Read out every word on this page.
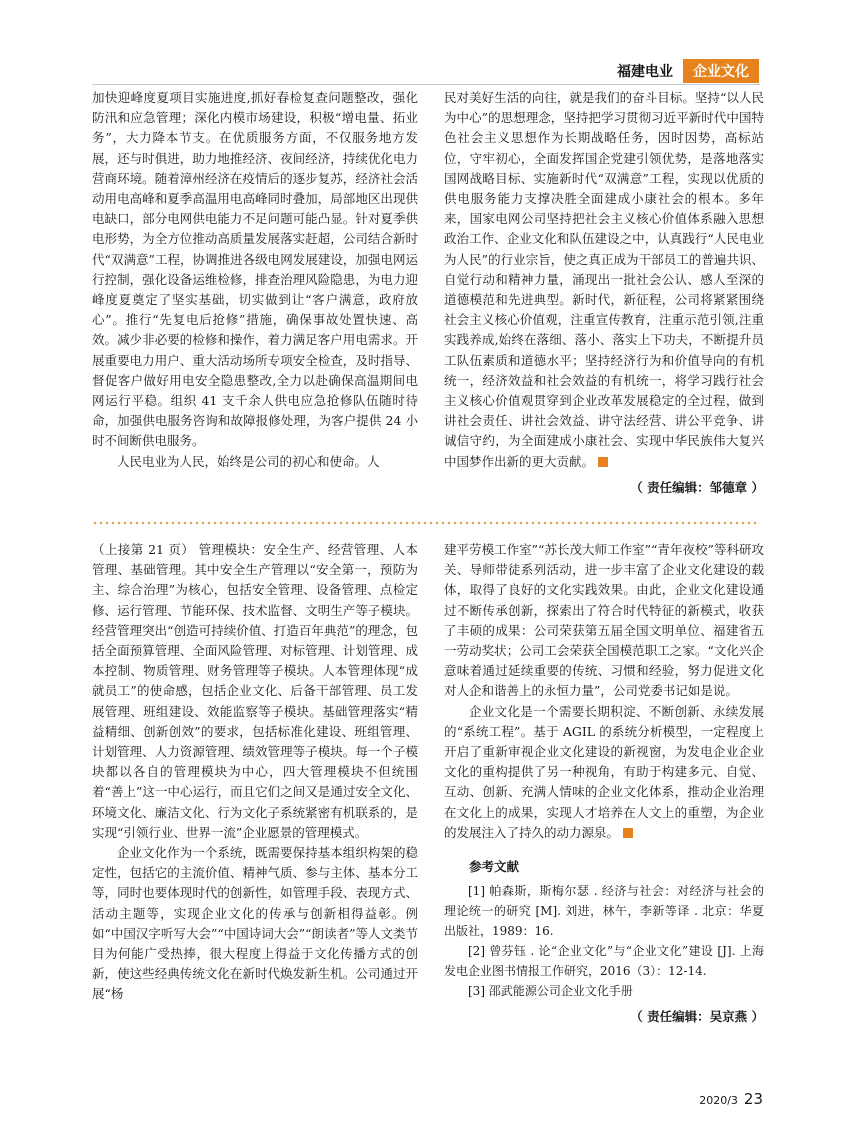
福建电业	企业文化

加快迎峰度夏项目实施进度,抓好春检复查问题整改，强化防汛和应急管理；深化内模市场建设，积极“增电量、拓业务”，大力降本节支。在优质服务方面，不仅服务地方发展，还与时俱进，助力地推经济、夜间经济，持续优化电力营商环境。随着漳州经济在疫情后的逐步复苏，经济社会活动用电高峰和夏季高温用电高峰同时叠加，局部地区出现供电缺口，部分电网供电能力不足问题可能凸显。针对夏季供电形势，为全方位推动高质量发展落实赶超，公司结合新时代“双满意”工程，协调推进各级电网发展建设，加强电网运行控制，强化设备运维检修，排查治理风险隐患，为电力迎峰度夏奠定了坚实基础，切实做到让“客户满意，政府放心”。推行“先复电后抢修”措施，确保事故处置快速、高效。减少非必要的检修和操作，着力满足客户用电需求。开展重要电力用户、重大活动场所专项安全检查，及时指导、督促客户做好用电安全隐患整改,全力以赴确保高温期间电网运行平稳。组织 41 支千余人供电应急抢修队伍随时待命，加强供电服务咨询和故障报修处理，为客户提供 24 小时不间断供电服务。

人民电业为人民，始终是公司的初心和使命。人

民对美好生活的向往，就是我们的奋斗目标。坚持“以人民为中心”的思想理念，坚持把学习贯彻习近平新时代中国特色社会主义思想作为长期战略任务，因时因势，高标站位，守牢初心，全面发挥国企党建引领优势，是落地落实国网战略目标、实施新时代“双满意”工程，实现以优质的供电服务能力支撑决胜全面建成小康社会的根本。多年来，国家电网公司坚持把社会主义核心价值体系融入思想政治工作、企业文化和队伍建设之中，认真践行“人民电业为人民”的行业宗旨，使之真正成为干部员工的普遍共识、自觉行动和精神力量，涌现出一批社会公认、感人至深的道德模范和先进典型。新时代，新征程，公司将紧紧围绕社会主义核心价值观，注重宣传教育，注重示范引领,注重实践养成,始终在落细、落小、落实上下功夫，不断提升员工队伍素质和道德水平；坚持经济行为和价值导向的有机统一，经济效益和社会效益的有机统一，将学习践行社会主义核心价值观贯穿到企业改革发展稳定的全过程，做到讲社会责任、讲社会效益、讲守法经营、讲公平竞争、讲诚信守约，为全面建成小康社会、实现中华民族伟大复兴中国梦作出新的更大贡献。

（ 责任编辑：邹德章 ）

（上接第 21 页） 管理模块：安全生产、经营管理、人本管理、基础管理。其中安全生产管理以“安全第一，预防为主、综合治理”为核心，包括安全管理、设备管理、点检定修、运行管理、节能环保、技术监督、文明生产等子模块。经营管理突出“创造可持续价值、打造百年典范”的理念，包括全面预算管理、全面风险管理、对标管理、计划管理、成本控制、物质管理、财务管理等子模块。人本管理体现“成就员工”的使命感，包括企业文化、后备干部管理、员工发展管理、班组建设、效能监察等子模块。基础管理落实“精益精细、创新创效”的要求，包括标准化建设、班组管理、计划管理、人力资源管理、绩效管理等子模块。每一个子模块都以各自的管理模块为中心，四大管理模块不但统围着“善上”这一中心运行，而且它们之间又是通过安全文化、环境文化、廉洁文化、行为文化子系统紧密有机联系的，是实现“引领行业、世界一流”企业愿景的管理模式。

企业文化作为一个系统，既需要保持基本组织构架的稳定性，包括它的主流价值、精神气质、参与主体、基本分工等，同时也要体现时代的创新性，如管理手段、表现方式、活动主题等，实现企业文化的传承与创新相得益彰。例如“中国汉字听写大会”“中国诗词大会”“朗读者”等人文类节目为何能广受热捧，很大程度上得益于文化传播方式的创新，使这些经典传统文化在新时代焕发新生机。公司通过开展“杨

建平劳模工作室”“苏长茂大师工作室”“青年夜校”等科研攻关、导师带徒系列活动，进一步丰富了企业文化建设的载体，取得了良好的文化实践效果。由此，企业文化建设通过不断传承创新，探索出了符合时代特征的新模式，收获了丰硕的成果：公司荣获第五届全国文明单位、福建省五一劳动奖状；公司工会荣获全国模范职工之家。“文化兴企意味着通过延续重要的传统、习惯和经验，努力促进文化对人企和谐善上的永恒力量”，公司党委书记如是说。

企业文化是一个需要长期积淀、不断创新、永续发展的“系统工程”。基于 AGIL 的系统分析模型，一定程度上开启了重新审视企业文化建设的新视窗，为发电企业企业文化的重构提供了另一种视角，有助于构建多元、自觉、互动、创新、充满人情味的企业文化体系，推动企业治理在文化上的成果，实现人才培养在人文上的重塑，为企业的发展注入了持久的动力源泉。

参考文献

[1] 帕森斯，斯梅尔瑟 . 经济与社会：对经济与社会的理论统一的研究 [M]. 刘进，林午，李新等译 . 北京：华夏出版社，1989：16.

[2] 曾芬钰 . 论“企业文化”与“企业文化”建设 [J]. 上海发电企业图书情报工作研究，2016（3）：12-14.

[3] 邵武能源公司企业文化手册

（ 责任编辑：吴京燕 ）
2020/3 23
